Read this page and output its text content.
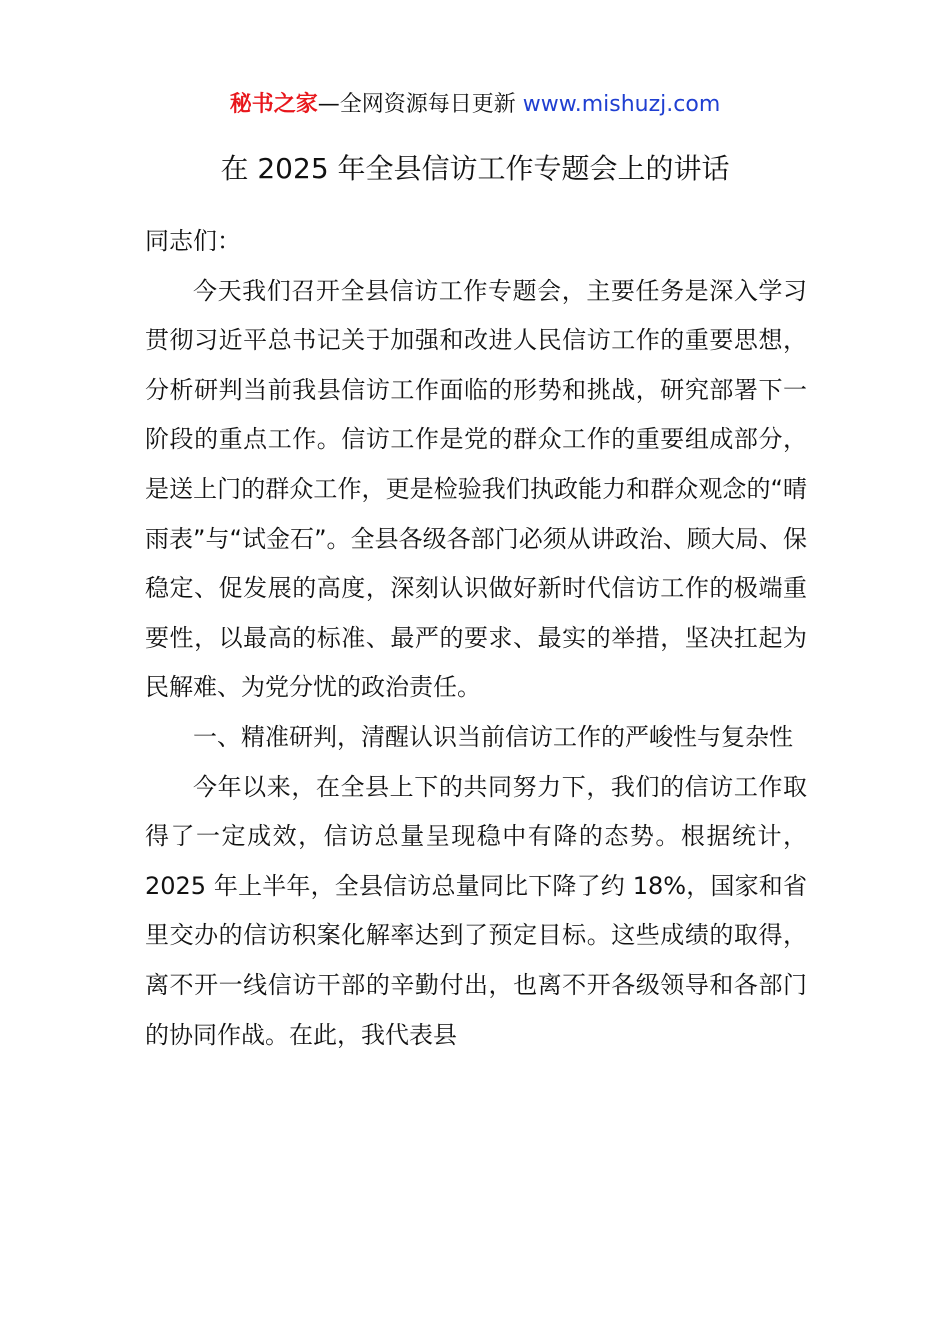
秘书之家—全网资源每日更新 www.mishuzj.com
在 2025 年全县信访工作专题会上的讲话

同志们：

今天我们召开全县信访工作专题会，主要任务是深入学习贯彻习近平总书记关于加强和改进人民信访工作的重要思想，分析研判当前我县信访工作面临的形势和挑战，研究部署下一阶段的重点工作。信访工作是党的群众工作的重要组成部分，是送上门的群众工作，更是检验我们执政能力和群众观念的“晴雨表”与“试金石”。全县各级各部门必须从讲政治、顾大局、保稳定、促发展的高度，深刻认识做好新时代信访工作的极端重要性，以最高的标准、最严的要求、最实的举措，坚决扛起为民解难、为党分忧的政治责任。

一、精准研判，清醒认识当前信访工作的严峻性与复杂性

今年以来，在全县上下的共同努力下，我们的信访工作取得了一定成效，信访总量呈现稳中有降的态势。根据统计，2025 年上半年，全县信访总量同比下降了约 18%，国家和省里交办的信访积案化解率达到了预定目标。这些成绩的取得，离不开一线信访干部的辛勤付出，也离不开各级领导和各部门的协同作战。在此，我代表县
